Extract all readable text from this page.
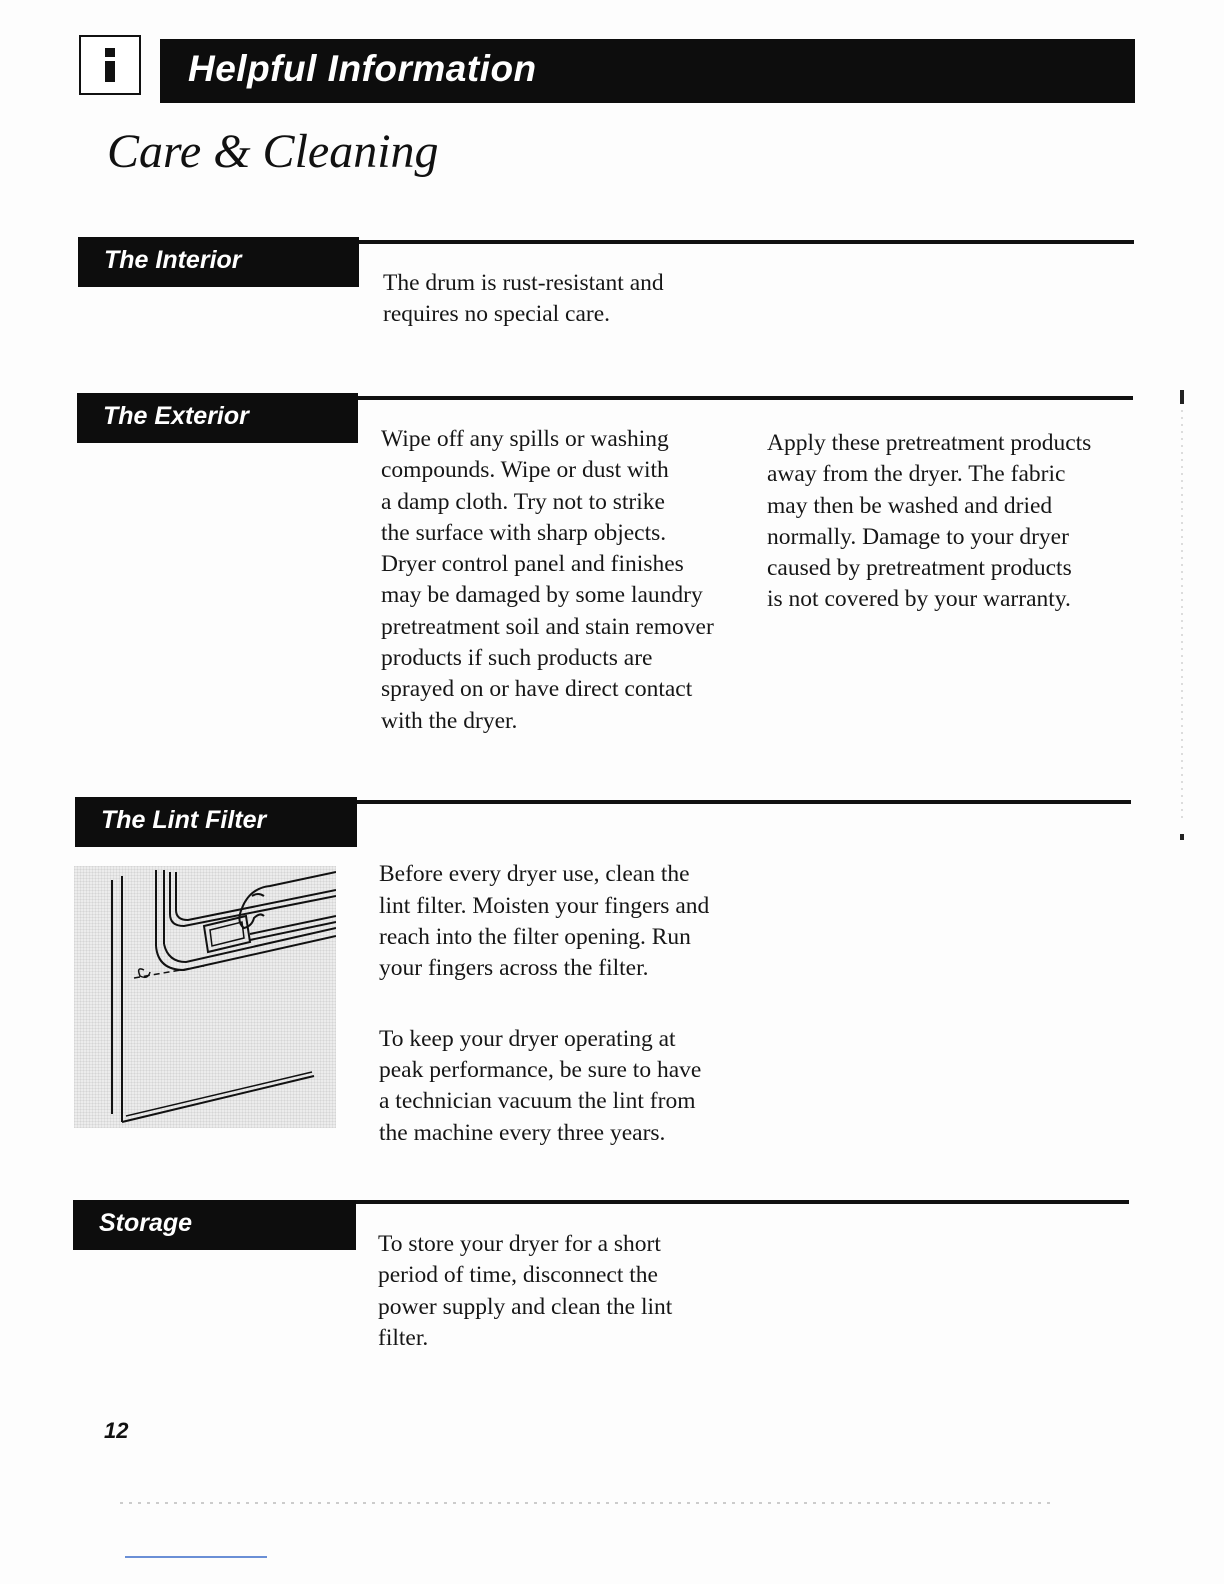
Helpful Information
Care & Cleaning
The Interior
The drum is rust-resistant and
requires no special care.
The Exterior
Wipe off any spills or washing
compounds. Wipe or dust with
a damp cloth. Try not to strike
the surface with sharp objects.
Dryer control panel and finishes
may be damaged by some laundry
pretreatment soil and stain remover
products if such products are
sprayed on or have direct contact
with the dryer.
Apply these pretreatment products
away from the dryer. The fabric
may then be washed and dried
normally. Damage to your dryer
caused by pretreatment products
is not covered by your warranty.
The Lint Filter

Before every dryer use, clean the
lint filter. Moisten your fingers and
reach into the filter opening. Run
your fingers across the filter.

To keep your dryer operating at
peak performance, be sure to have
a technician vacuum the lint from
the machine every three years.

Storage
To store your dryer for a short
period of time, disconnect the
power supply and clean the lint
filter.
12
